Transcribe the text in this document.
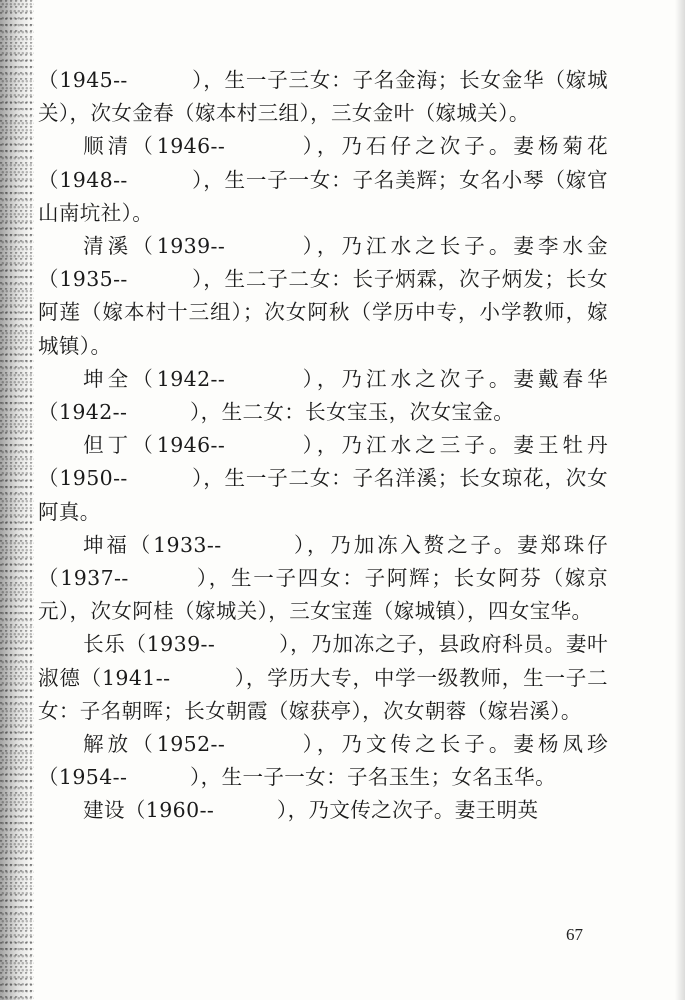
（1945--　　　），生一子三女：子名金海；长女金华（嫁城关），次女金春（嫁本村三组），三女金叶（嫁城关）。

顺清（1946--　　　），乃石仔之次子。妻杨菊花（1948--　　　），生一子一女：子名美辉；女名小琴（嫁官山南坑社）。

清溪（1939--　　　），乃江水之长子。妻李水金（1935--　　　），生二子二女：长子炳霖，次子炳发；长女阿莲（嫁本村十三组）；次女阿秋（学历中专，小学教师，嫁城镇）。

坤全（1942--　　　），乃江水之次子。妻戴春华（1942--　　　），生二女：长女宝玉，次女宝金。

但丁（1946--　　　），乃江水之三子。妻王牡丹（1950--　　　），生一子二女：子名洋溪；长女琼花，次女阿真。

坤福（1933--　　　），乃加冻入赘之子。妻郑珠仔（1937--　　　），生一子四女：子阿辉；长女阿芬（嫁京元），次女阿桂（嫁城关），三女宝莲（嫁城镇），四女宝华。

长乐（1939--　　　），乃加冻之子，县政府科员。妻叶淑德（1941--　　　），学历大专，中学一级教师，生一子二女：子名朝晖；长女朝霞（嫁获亭），次女朝蓉（嫁岩溪）。

解放（1952--　　　），乃文传之长子。妻杨凤珍（1954--　　　），生一子一女：子名玉生；女名玉华。

建设（1960--　　　），乃文传之次子。妻王明英

67
